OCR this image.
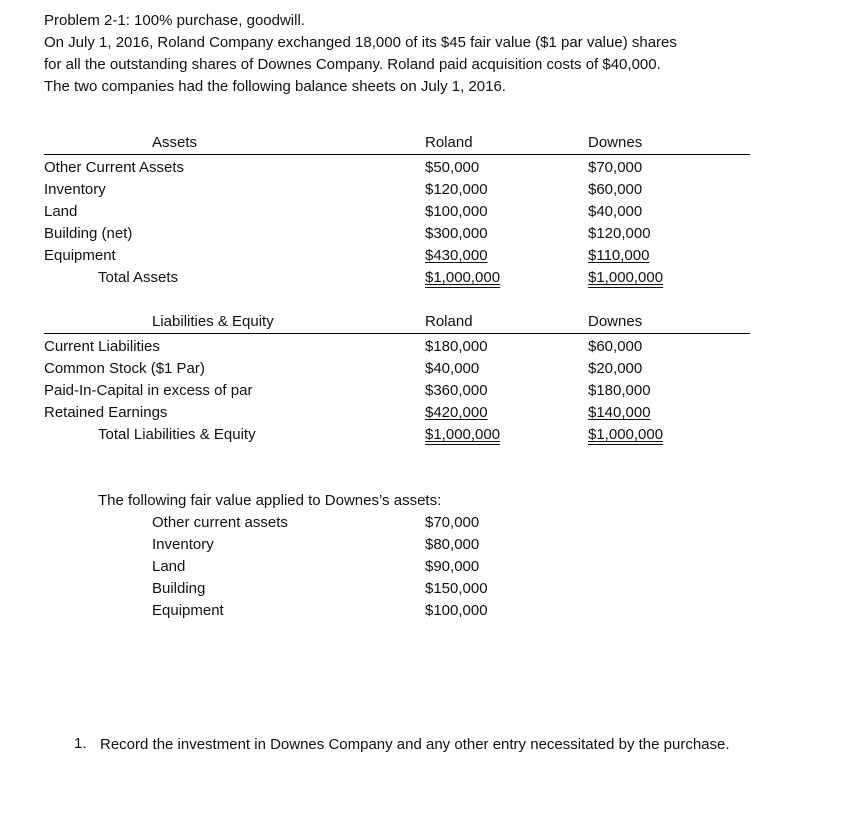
Problem 2-1: 100% purchase, goodwill.
On July 1, 2016, Roland Company exchanged 18,000 of its $45 fair value ($1 par value) shares
for all the outstanding shares of Downes Company. Roland paid acquisition costs of $40,000.
The two companies had the following balance sheets on July 1, 2016.
Assets	Roland	Downes
Other Current Assets	$50,000	$70,000
Inventory	$120,000	$60,000
Land	$100,000	$40,000
Building (net)	$300,000	$120,000
Equipment	$430,000	$110,000
Total Assets	$1,000,000	$1,000,000
Liabilities & Equity	Roland	Downes
Current Liabilities	$180,000	$60,000
Common Stock ($1 Par)	$40,000	$20,000
Paid-In-Capital in excess of par	$360,000	$180,000
Retained Earnings	$420,000	$140,000
Total Liabilities & Equity	$1,000,000	$1,000,000
The following fair value applied to Downes’s assets:
Other current assets	$70,000
Inventory	$80,000
Land	$90,000
Building	$150,000
Equipment	$100,000
1. Record the investment in Downes Company and any other entry necessitated by the purchase.
